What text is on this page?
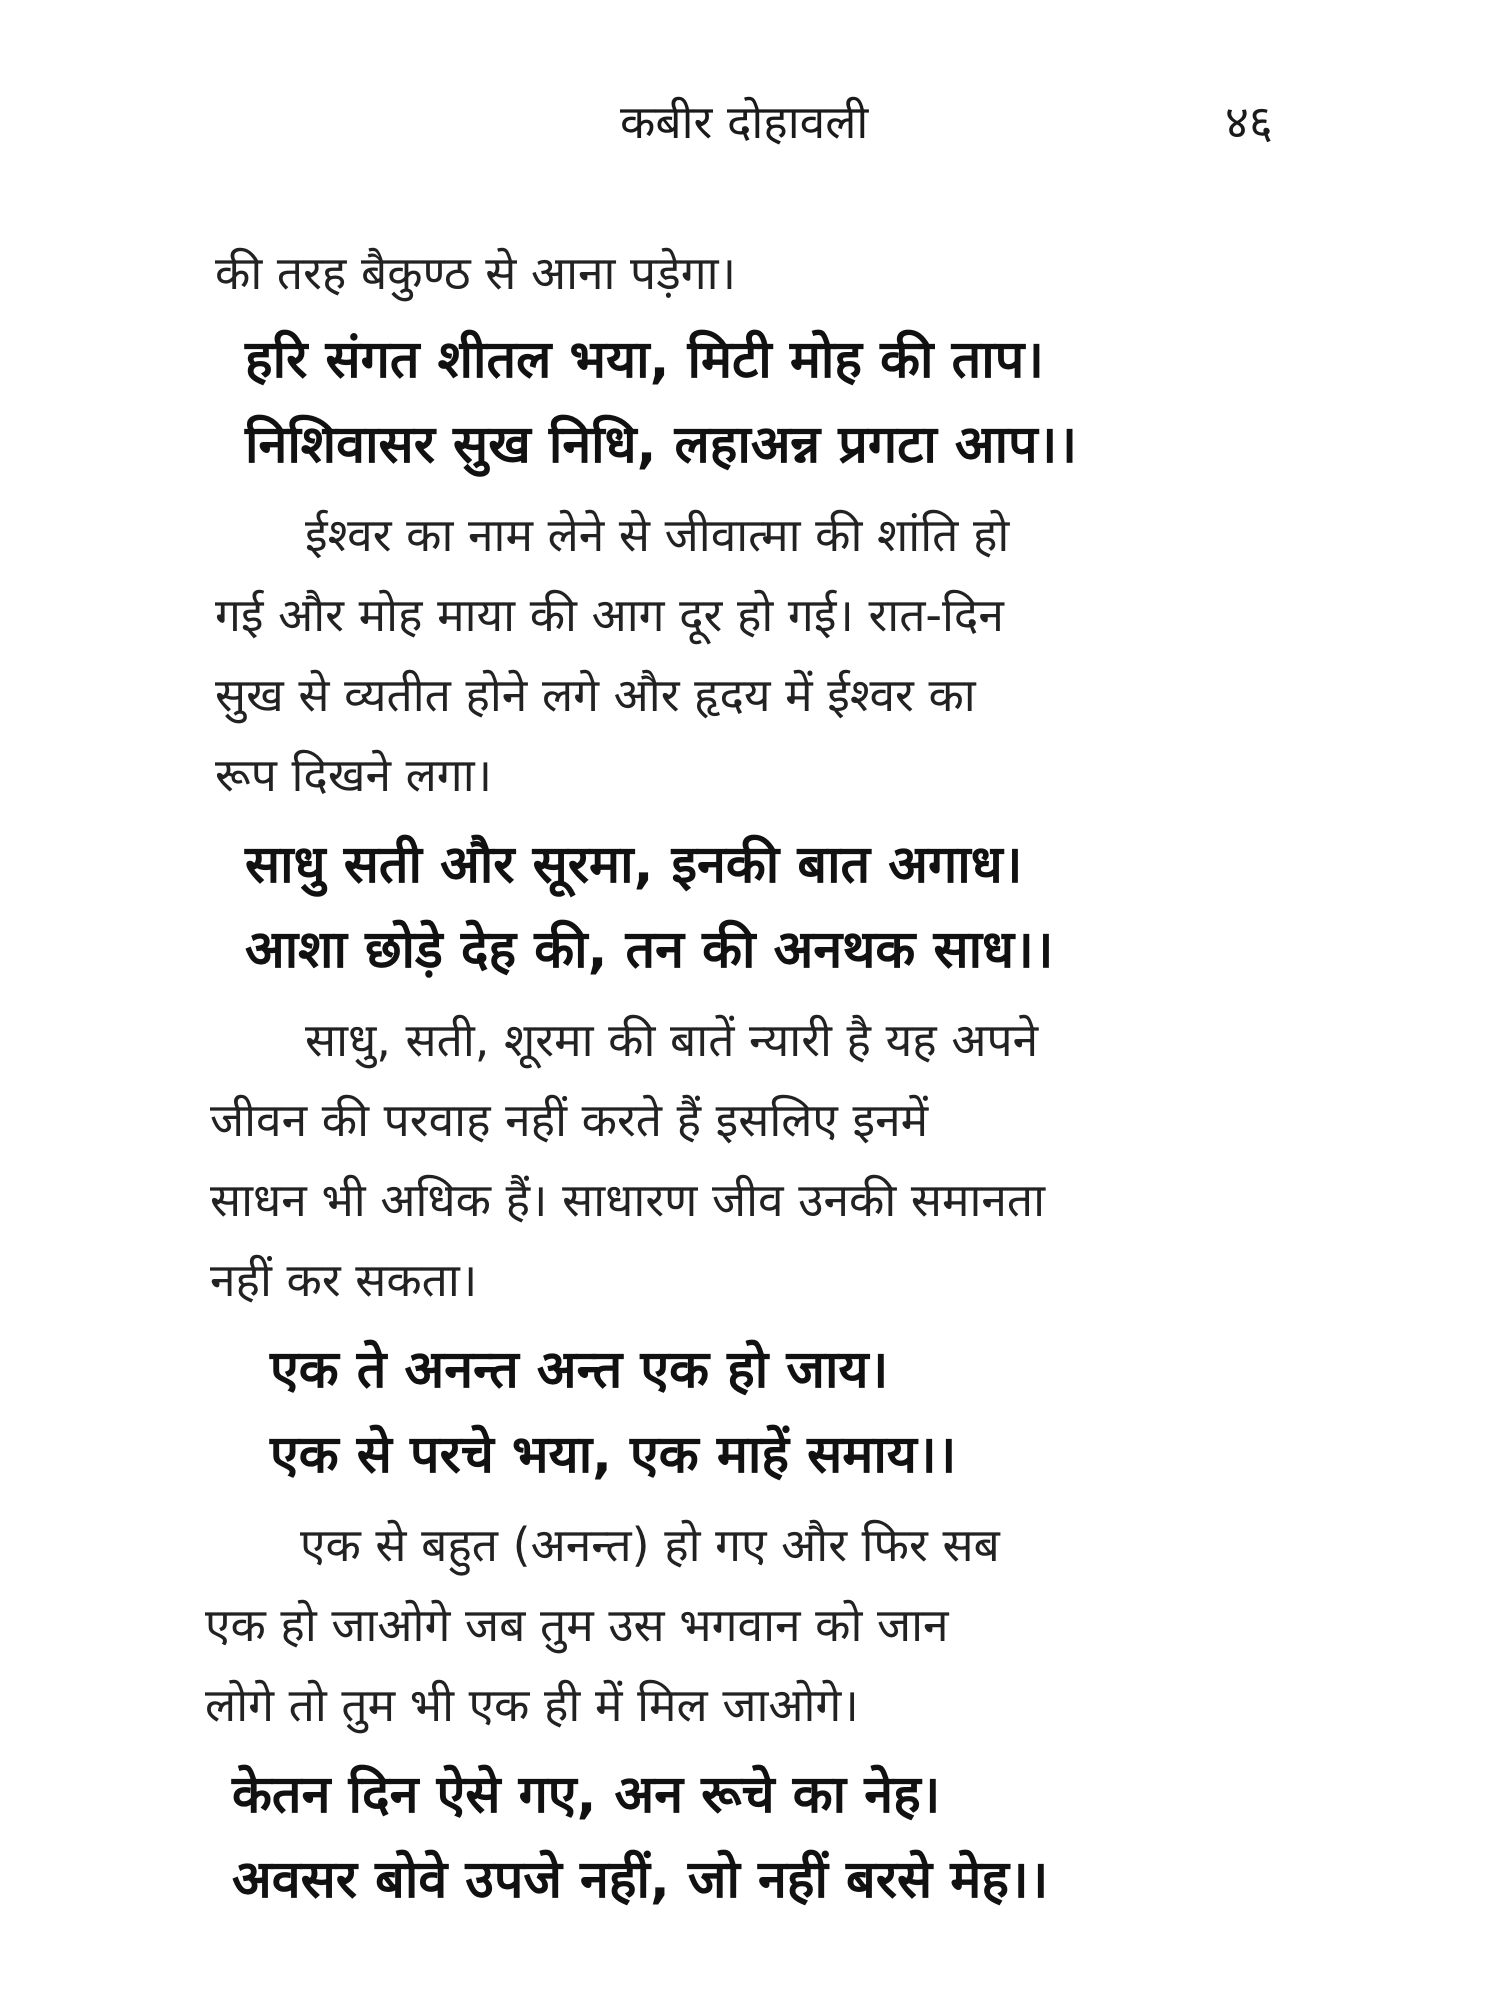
कबीर दोहावली	४६
की तरह बैकुण्ठ से आना पड़ेगा।
हरि संगत शीतल भया, मिटी मोह की ताप।
निशिवासर सुख निधि, लहाअन्न प्रगटा आप।।
ईश्वर का नाम लेने से जीवात्मा की शांति हो
गई और मोह माया की आग दूर हो गई। रात-दिन
सुख से व्यतीत होने लगे और हृदय में ईश्वर का
रूप दिखने लगा।
साधु सती और सूरमा, इनकी बात अगाध।
आशा छोड़े देह की, तन की अनथक साध।।
साधु, सती, शूरमा की बातें न्यारी है यह अपने
जीवन की परवाह नहीं करते हैं इसलिए इनमें
साधन भी अधिक हैं। साधारण जीव उनकी समानता
नहीं कर सकता।
एक ते अनन्त अन्त एक हो जाय।
एक से परचे भया, एक माहें समाय।।
एक से बहुत (अनन्त) हो गए और फिर सब
एक हो जाओगे जब तुम उस भगवान को जान
लोगे तो तुम भी एक ही में मिल जाओगे।
केतन दिन ऐसे गए, अन रूचे का नेह।
अवसर बोवे उपजे नहीं, जो नहीं बरसे मेह।।
